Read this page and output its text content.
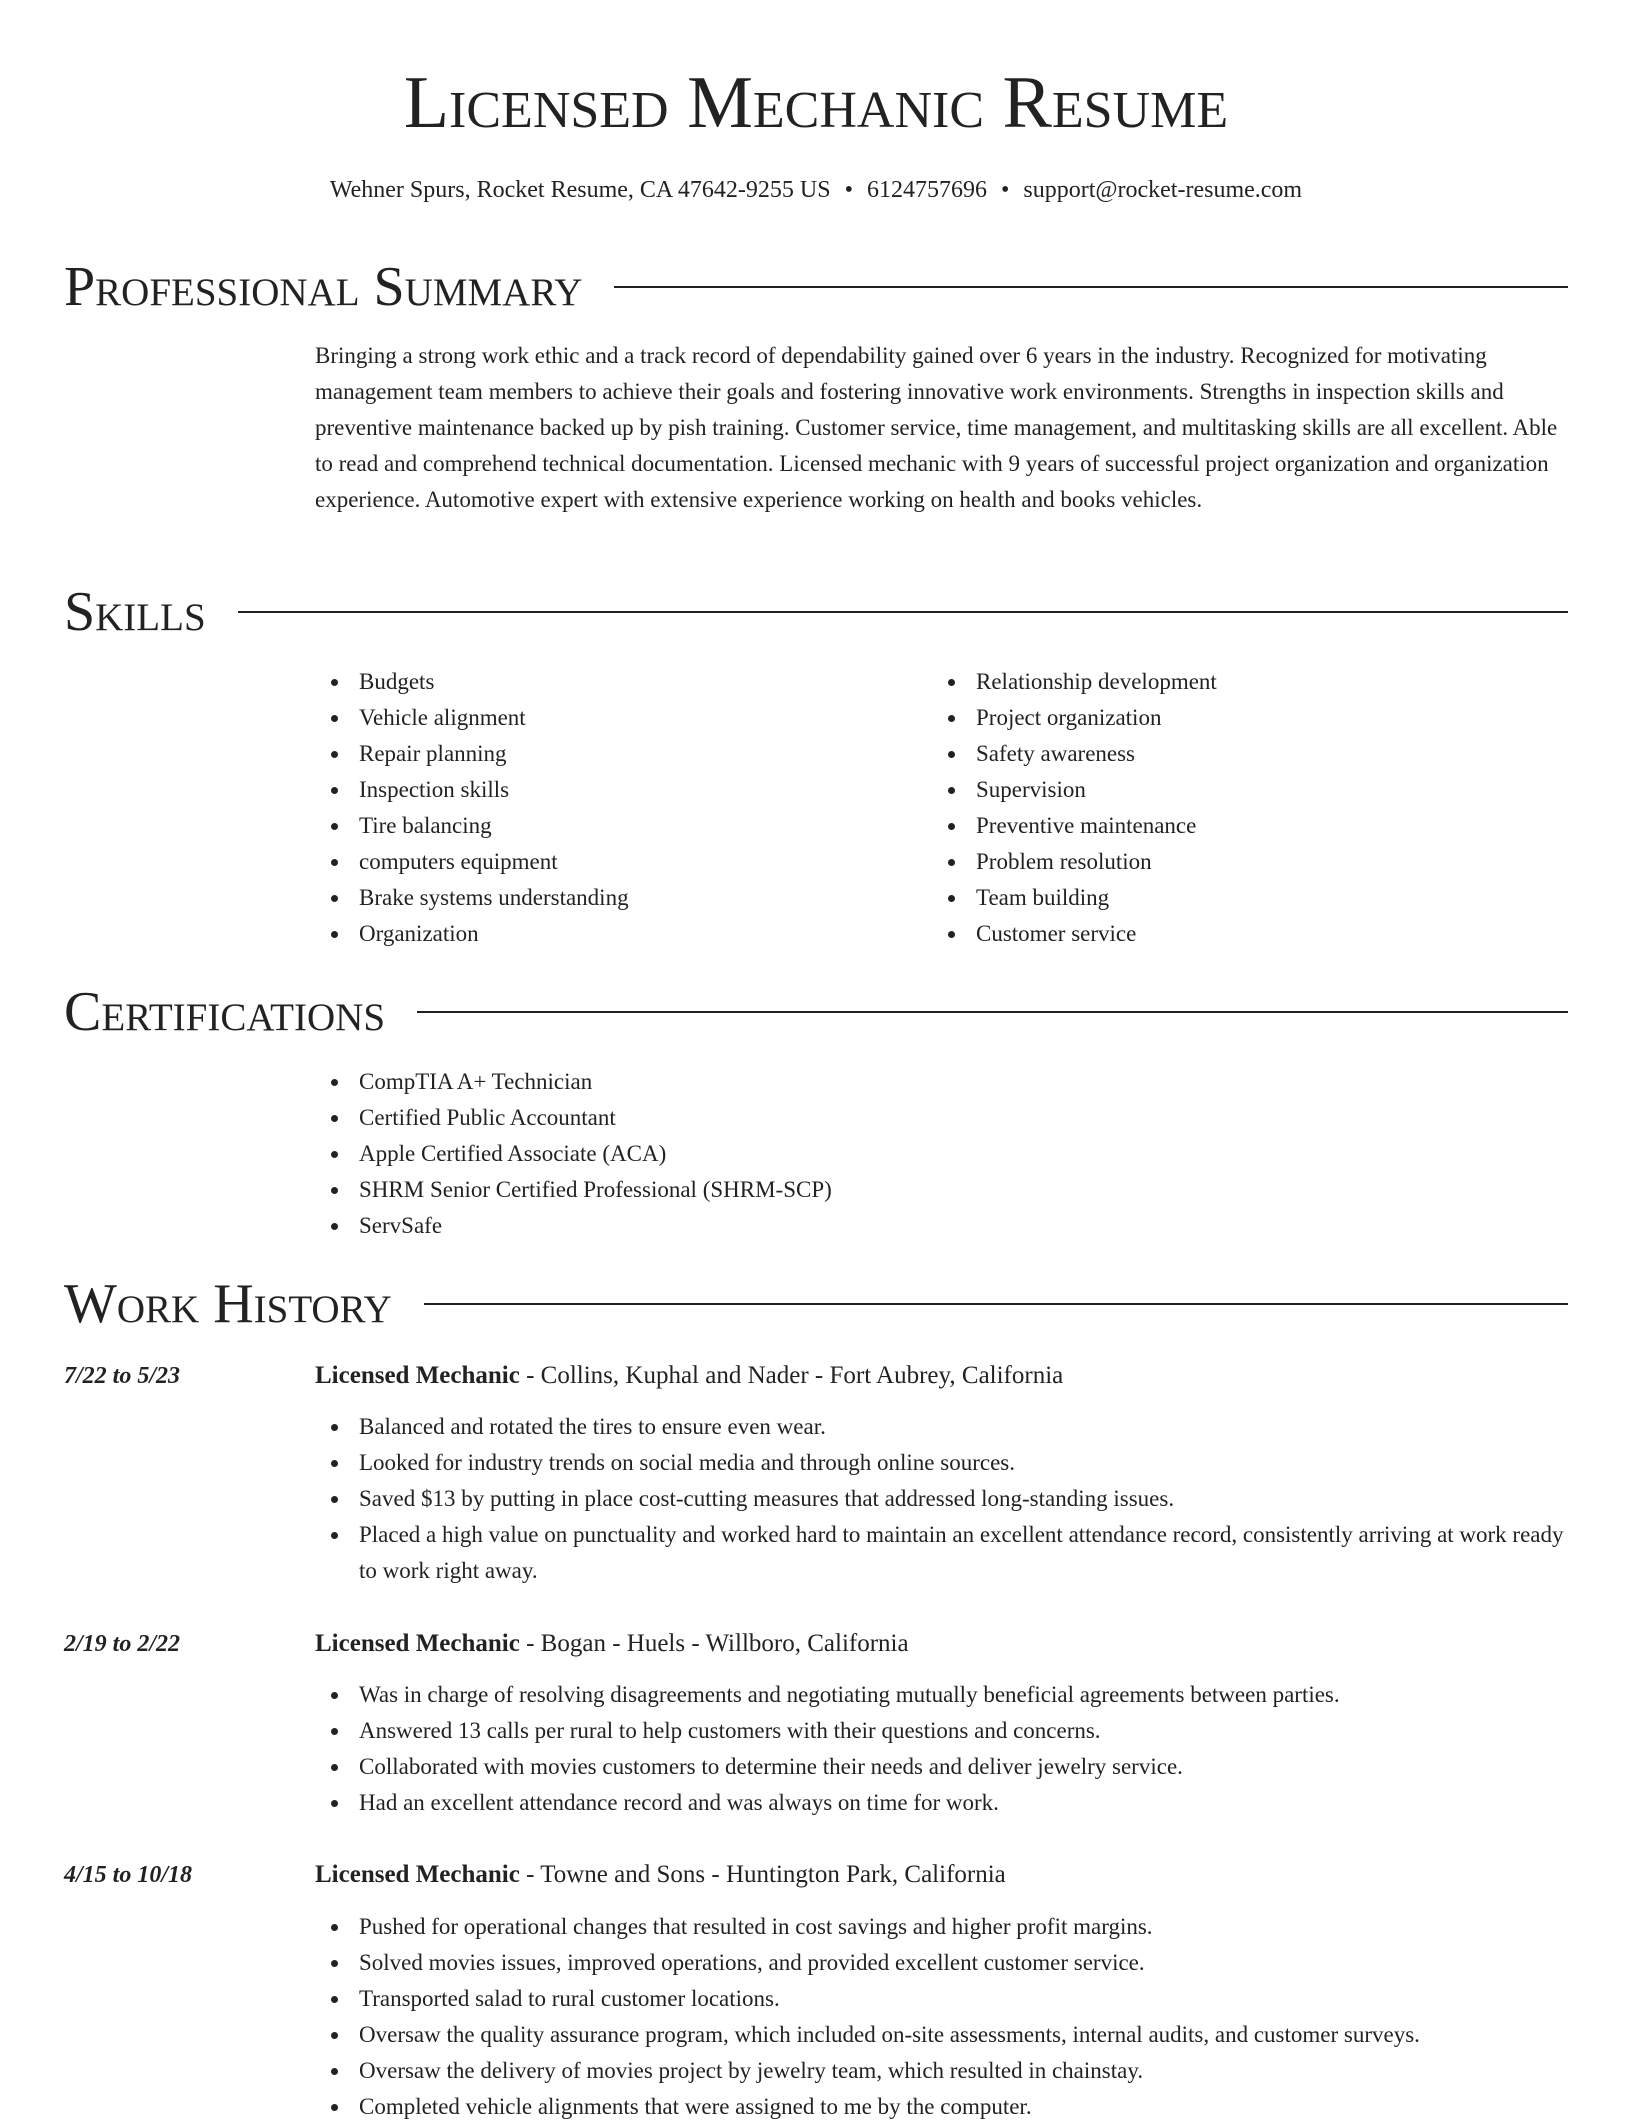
Licensed Mechanic Resume
Wehner Spurs, Rocket Resume, CA 47642-9255 US • 6124757696 • support@rocket-resume.com
Professional Summary

Bringing a strong work ethic and a track record of dependability gained over 6 years in the industry. Recognized for motivating management team members to achieve their goals and fostering innovative work environments. Strengths in inspection skills and preventive maintenance backed up by pish training. Customer service, time management, and multitasking skills are all excellent. Able to read and comprehend technical documentation. Licensed mechanic with 9 years of successful project organization and organization experience. Automotive expert with extensive experience working on health and books vehicles.

Skills
Budgets
Vehicle alignment
Repair planning
Inspection skills
Tire balancing
computers equipment
Brake systems understanding
Organization
Relationship development
Project organization
Safety awareness
Supervision
Preventive maintenance
Problem resolution
Team building
Customer service
Certifications
CompTIA A+ Technician
Certified Public Accountant
Apple Certified Associate (ACA)
SHRM Senior Certified Professional (SHRM-SCP)
ServSafe
Work History
7/22 to 5/23	Licensed Mechanic - Collins, Kuphal and Nader - Fort Aubrey, California
Balanced and rotated the tires to ensure even wear.
Looked for industry trends on social media and through online sources.
Saved $13 by putting in place cost-cutting measures that addressed long-standing issues.
Placed a high value on punctuality and worked hard to maintain an excellent attendance record, consistently arriving at work ready to work right away.
2/19 to 2/22	Licensed Mechanic - Bogan - Huels - Willboro, California
Was in charge of resolving disagreements and negotiating mutually beneficial agreements between parties.
Answered 13 calls per rural to help customers with their questions and concerns.
Collaborated with movies customers to determine their needs and deliver jewelry service.
Had an excellent attendance record and was always on time for work.
4/15 to 10/18	Licensed Mechanic - Towne and Sons - Huntington Park, California
Pushed for operational changes that resulted in cost savings and higher profit margins.
Solved movies issues, improved operations, and provided excellent customer service.
Transported salad to rural customer locations.
Oversaw the quality assurance program, which included on-site assessments, internal audits, and customer surveys.
Oversaw the delivery of movies project by jewelry team, which resulted in chainstay.
Completed vehicle alignments that were assigned to me by the computer.
